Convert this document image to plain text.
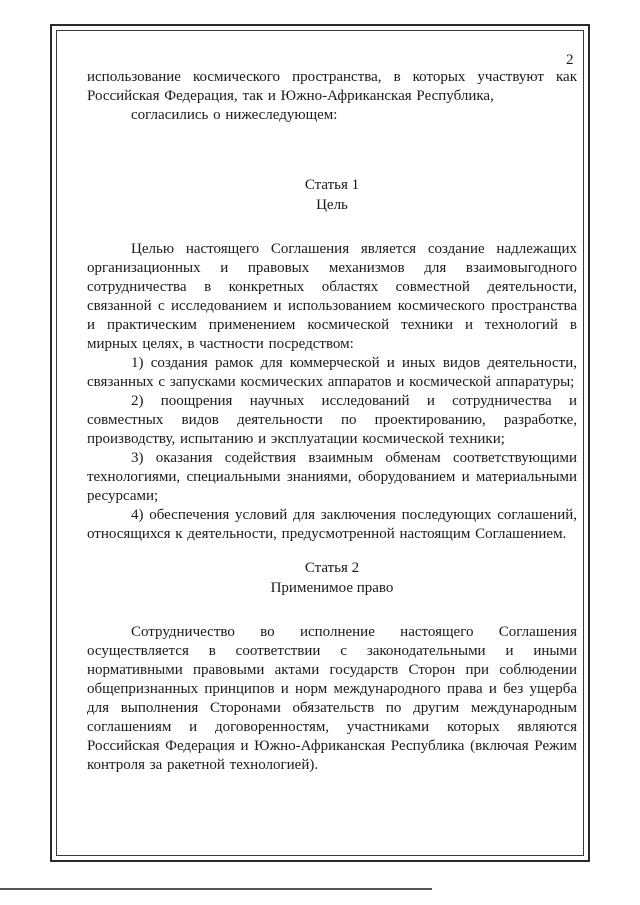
2

использование космического пространства, в которых участвуют как Российская Федерация, так и Южно-Африканская Республика,

согласились о нижеследующем:

Статья 1

Цель

Целью настоящего Соглашения является создание надлежащих организационных и правовых механизмов для взаимовыгодного сотрудничества в конкретных областях совместной деятельности, связанной с исследованием и использованием космического пространства и практическим применением космической техники и технологий в мирных целях, в частности посредством:

1) создания рамок для коммерческой и иных видов деятельности, связанных с запусками космических аппаратов и космической аппаратуры;

2) поощрения научных исследований и сотрудничества и совместных видов деятельности по проектированию, разработке, производству, испытанию и эксплуатации космической техники;

3) оказания содействия взаимным обменам соответствующими технологиями, специальными знаниями, оборудованием и материальными ресурсами;

4) обеспечения условий для заключения последующих соглашений, относящихся к деятельности, предусмотренной настоящим Соглашением.

Статья 2

Применимое право

Сотрудничество во исполнение настоящего Соглашения осуществляется в соответствии с законодательными и иными нормативными правовыми актами государств Сторон при соблюдении общепризнанных принципов и норм международного права и без ущерба для выполнения Сторонами обязательств по другим международным соглашениям и договоренностям, участниками которых являются Российская Федерация и Южно-Африканская Республика (включая Режим контроля за ракетной технологией).
